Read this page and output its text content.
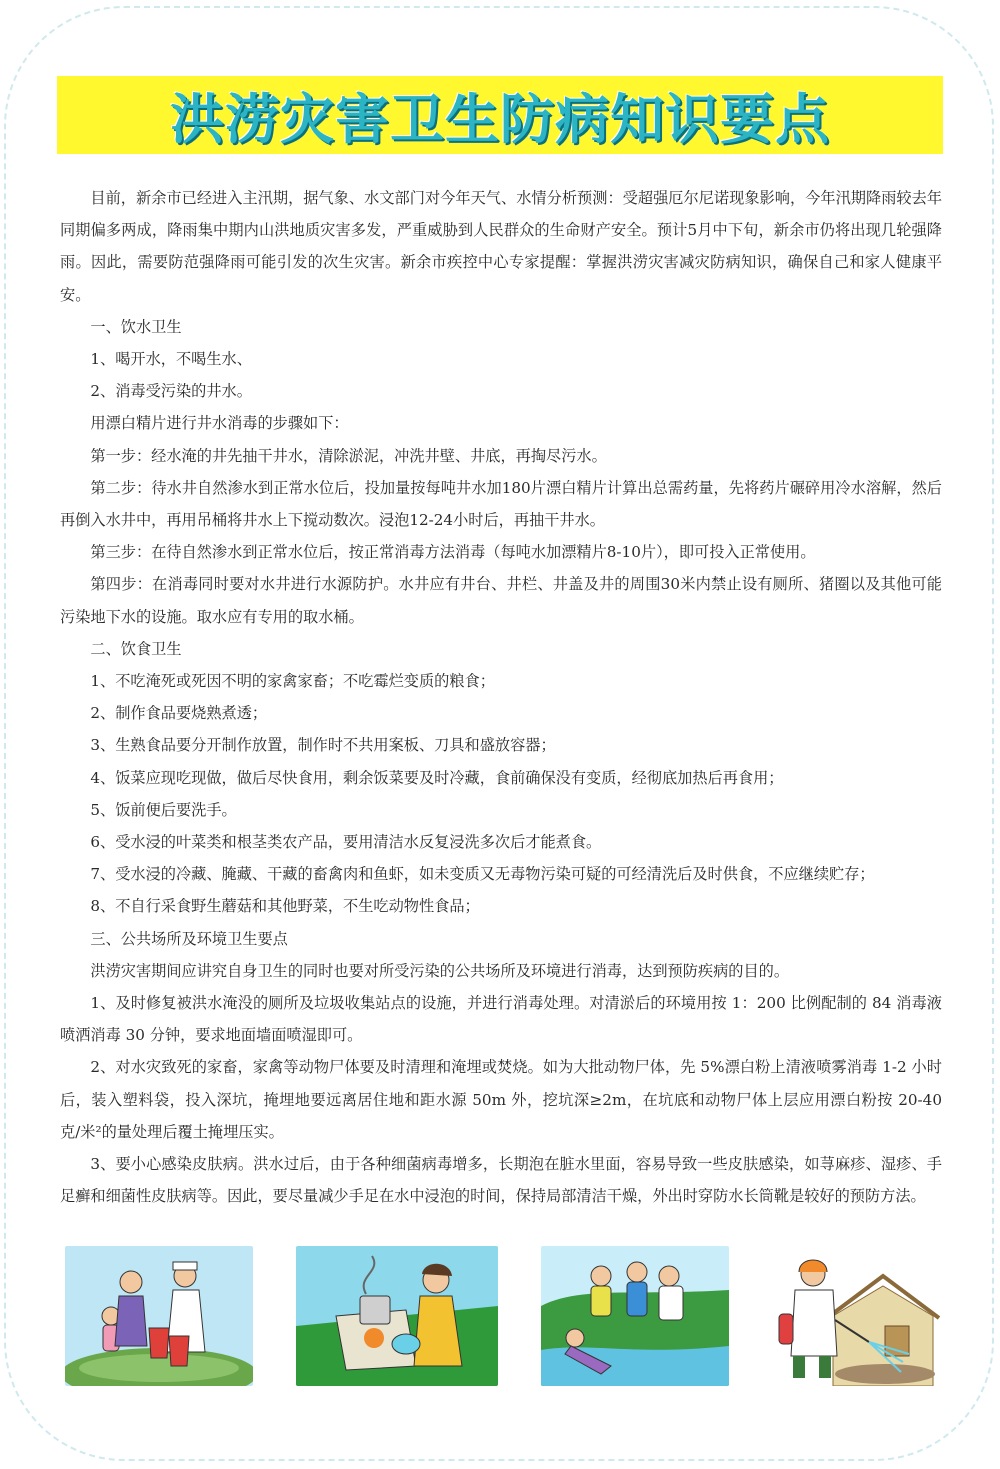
洪涝灾害卫生防病知识要点

目前，新余市已经进入主汛期，据气象、水文部门对今年天气、水情分析预测：受超强厄尔尼诺现象影响，今年汛期降雨较去年同期偏多两成，降雨集中期内山洪地质灾害多发，严重威胁到人民群众的生命财产安全。预计5月中下旬，新余市仍将出现几轮强降雨。因此，需要防范强降雨可能引发的次生灾害。新余市疾控中心专家提醒：掌握洪涝灾害减灾防病知识，确保自己和家人健康平安。

一、饮水卫生

1、喝开水，不喝生水、

2、消毒受污染的井水。

用漂白精片进行井水消毒的步骤如下：

第一步：经水淹的井先抽干井水，清除淤泥，冲洗井壁、井底，再掏尽污水。

第二步：待水井自然渗水到正常水位后，投加量按每吨井水加180片漂白精片计算出总需药量，先将药片碾碎用冷水溶解，然后再倒入水井中，再用吊桶将井水上下搅动数次。浸泡12-24小时后，再抽干井水。

第三步：在待自然渗水到正常水位后，按正常消毒方法消毒（每吨水加漂精片8-10片），即可投入正常使用。

第四步：在消毒同时要对水井进行水源防护。水井应有井台、井栏、井盖及井的周围30米内禁止设有厕所、猪圈以及其他可能污染地下水的设施。取水应有专用的取水桶。

二、饮食卫生

1、不吃淹死或死因不明的家禽家畜；不吃霉烂变质的粮食；

2、制作食品要烧熟煮透；

3、生熟食品要分开制作放置，制作时不共用案板、刀具和盛放容器；

4、饭菜应现吃现做，做后尽快食用，剩余饭菜要及时冷藏，食前确保没有变质，经彻底加热后再食用；

5、饭前便后要洗手。

6、受水浸的叶菜类和根茎类农产品，要用清洁水反复浸洗多次后才能煮食。

7、受水浸的冷藏、腌藏、干藏的畜禽肉和鱼虾，如未变质又无毒物污染可疑的可经清洗后及时供食，不应继续贮存；

8、不自行采食野生蘑菇和其他野菜，不生吃动物性食品；

三、公共场所及环境卫生要点

洪涝灾害期间应讲究自身卫生的同时也要对所受污染的公共场所及环境进行消毒，达到预防疾病的目的。

1、及时修复被洪水淹没的厕所及垃圾收集站点的设施，并进行消毒处理。对清淤后的环境用按 1：200 比例配制的 84 消毒液喷洒消毒 30 分钟，要求地面墙面喷湿即可。

2、对水灾致死的家畜，家禽等动物尸体要及时清理和淹埋或焚烧。如为大批动物尸体，先 5%漂白粉上清液喷雾消毒 1-2 小时后，装入塑料袋，投入深坑，掩埋地要远离居住地和距水源 50m 外，挖坑深≥2m，在坑底和动物尸体上层应用漂白粉按 20-40 克/米²的量处理后覆土掩埋压实。

3、要小心感染皮肤病。洪水过后，由于各种细菌病毒增多，长期泡在脏水里面，容易导致一些皮肤感染，如荨麻疹、湿疹、手足癣和细菌性皮肤病等。因此，要尽量减少手足在水中浸泡的时间，保持局部清洁干燥，外出时穿防水长筒靴是较好的预防方法。
